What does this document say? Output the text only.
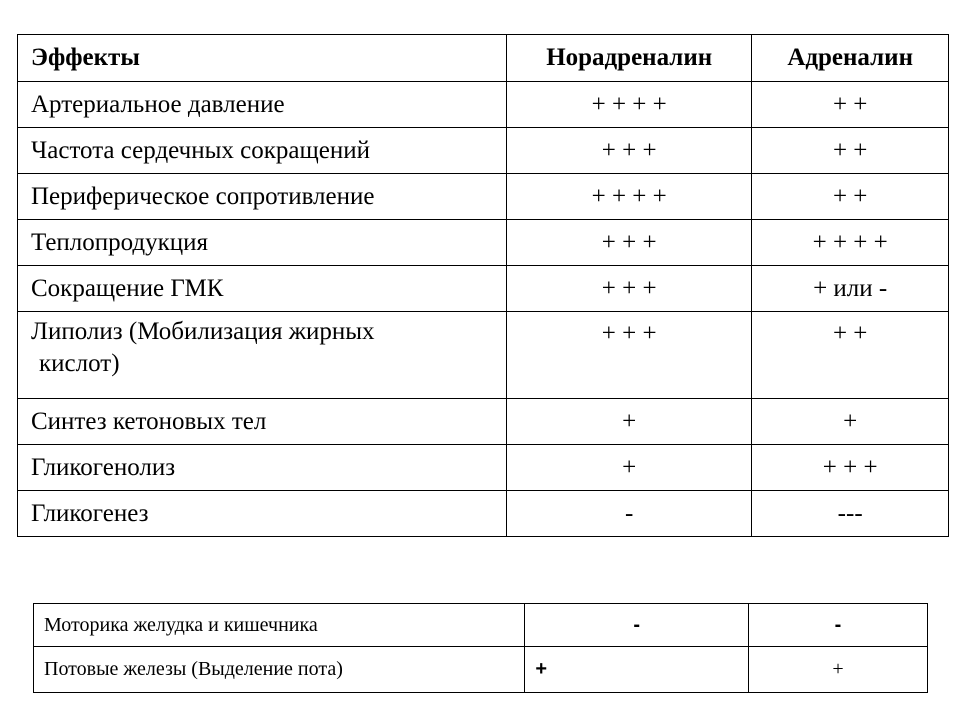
Эффекты	Норадреналин	Адреналин
Артериальное давление	+ + + +	+ +
Частота сердечных сокращений	+ + +	+ +
Периферическое сопротивление	+ + + +	+ +
Теплопродукция	+ + +	+ + + +
Сокращение ГМК	+ + +	+ или -

Липолиз (Мобилизация жирных
кислот)	+ + +	+ +
Синтез кетоновых тел	+	+
Гликогенолиз	+	+ + +
Гликогенез	-	---
Моторика желудка и кишечника	-	-
Потовые железы (Выделение пота)	+	+
